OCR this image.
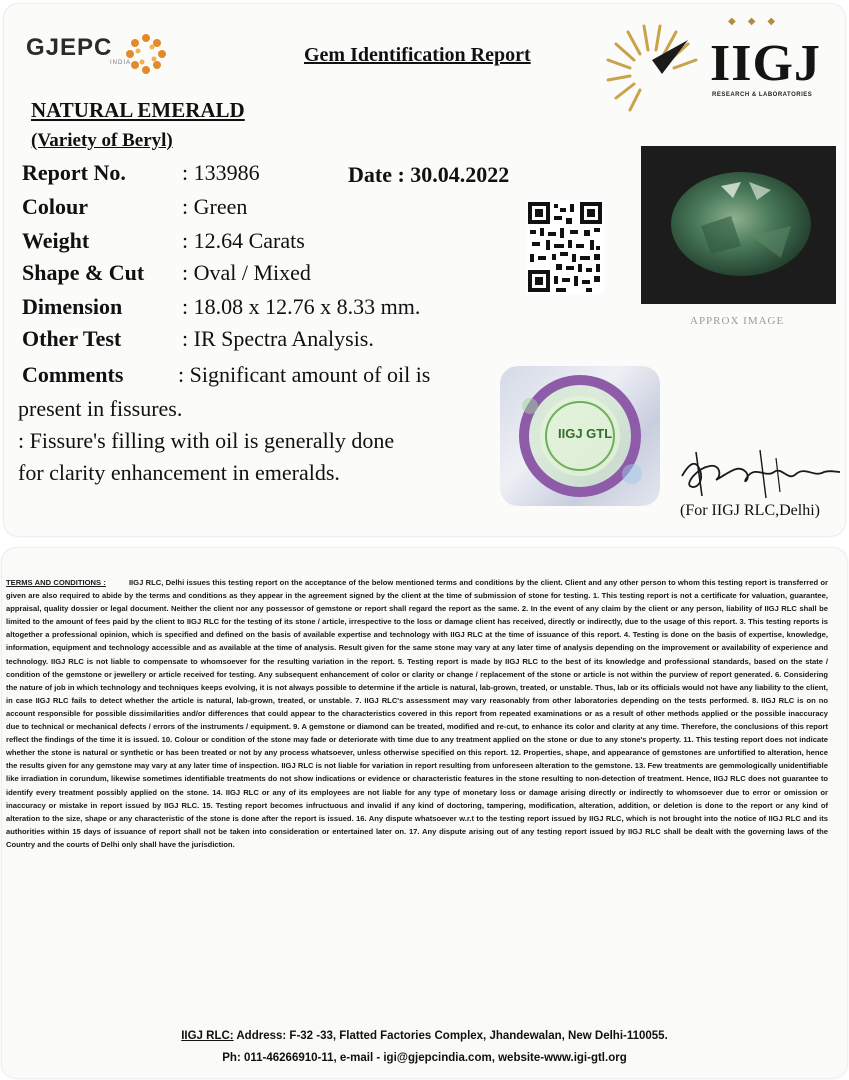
GJEPC
INDIA	Gem Identification Report
◆◆◆
IIGJ
RESEARCH & LABORATORIES
NATURAL EMERALD
(Variety of Beryl)
Report No.	: 133986	Date : 30.04.2022
Colour	: Green
Weight	: 12.64 Carats
Shape & Cut : Oval / Mixed
Dimension	: 18.08 x 12.76 x 8.33 mm.
Other Test	: IR Spectra Analysis.
Comments : Significant amount of oil is
present in fissures.
: Fissure's filling with oil is generally done
for clarity enhancement in emeralds.
APPROX IMAGE
IIGJ GTL
(For IIGJ RLC,Delhi)
TERMS AND CONDITIONS :	IIGJ RLC, Delhi issues this testing report on the acceptance of the below mentioned terms and conditions by the client. Client and any other person to whom this testing report is transferred or given are also required to abide by the terms and conditions as they appear in the agreement signed by the client at the time of submission of stone for testing. 1. This testing report is not a certificate for valuation, guarantee, appraisal, quality dossier or legal document. Neither the client nor any possessor of gemstone or report shall regard the report as the same. 2. In the event of any claim by the client or any person, liability of IIGJ RLC shall be limited to the amount of fees paid by the client to IIGJ RLC for the testing of its stone / article, irrespective to the loss or damage client has received, directly or indirectly, due to the usage of this report. 3. This testing reports is altogether a professional opinion, which is specified and defined on the basis of available expertise and technology with IIGJ RLC at the time of issuance of this report. 4. Testing is done on the basis of expertise, knowledge, information, equipment and technology accessible and as available at the time of analysis. Result given for the same stone may vary at any later time of analysis depending on the improvement or availability of experience and technology. IIGJ RLC is not liable to compensate to whomsoever for the resulting variation in the report. 5. Testing report is made by IIGJ RLC to the best of its knowledge and professional standards, based on the state / condition of the gemstone or jewellery or article received for testing. Any subsequent enhancement of color or clarity or change / replacement of the stone or article is not within the purview of report generated. 6. Considering the nature of job in which technology and techniques keeps evolving, it is not always possible to determine if the article is natural, lab-grown, treated, or unstable. Thus, lab or its officials would not have any liability to the client, in case IIGJ RLC fails to detect whether the article is natural, lab-grown, treated, or unstable. 7. IIGJ RLC's assessment may vary reasonably from other laboratories depending on the tests performed. 8. IIGJ RLC is on no account responsible for possible dissimilarities and/or differences that could appear to the characteristics covered in this report from repeated examinations or as a result of other methods applied or the possible inaccuracy due to technical or mechanical defects / errors of the instruments / equipment. 9. A gemstone or diamond can be treated, modified and re-cut, to enhance its color and clarity at any time. Therefore, the conclusions of this report reflect the findings of the time it is issued. 10. Colour or condition of the stone may fade or deteriorate with time due to any treatment applied on the stone or due to any stone's property. 11. This testing report does not indicate whether the stone is natural or synthetic or has been treated or not by any process whatsoever, unless otherwise specified on this report. 12. Properties, shape, and appearance of gemstones are unfortified to alteration, hence the results given for any gemstone may vary at any later time of inspection. IIGJ RLC is not liable for variation in report resulting from unforeseen alteration to the gemstone. 13. Few treatments are gemmologically unidentifiable like irradiation in corundum, likewise sometimes identifiable treatments do not show indications or evidence or characteristic features in the stone resulting to non-detection of treatment. Hence, IIGJ RLC does not guarantee to identify every treatment possibly applied on the stone. 14. IIGJ RLC or any of its employees are not liable for any type of monetary loss or damage arising directly or indirectly to whomsoever due to error or omission or inaccuracy or mistake in report issued by IIGJ RLC. 15. Testing report becomes infructuous and invalid if any kind of doctoring, tampering, modification, alteration, addition, or deletion is done to the report or any kind of alteration to the size, shape or any characteristic of the stone is done after the report is issued. 16. Any dispute whatsoever w.r.t to the testing report issued by IIGJ RLC, which is not brought into the notice of IIGJ RLC and its authorities within 15 days of issuance of report shall not be taken into consideration or entertained later on. 17. Any dispute arising out of any testing report issued by IIGJ RLC shall be dealt with the governing laws of the Country and the courts of Delhi only shall have the jurisdiction.
IIGJ RLC: Address: F-32 -33, Flatted Factories Complex, Jhandewalan, New Delhi-110055.
Ph: 011-46266910-11, e-mail - igi@gjepcindia.com, website-www.igi-gtl.org
